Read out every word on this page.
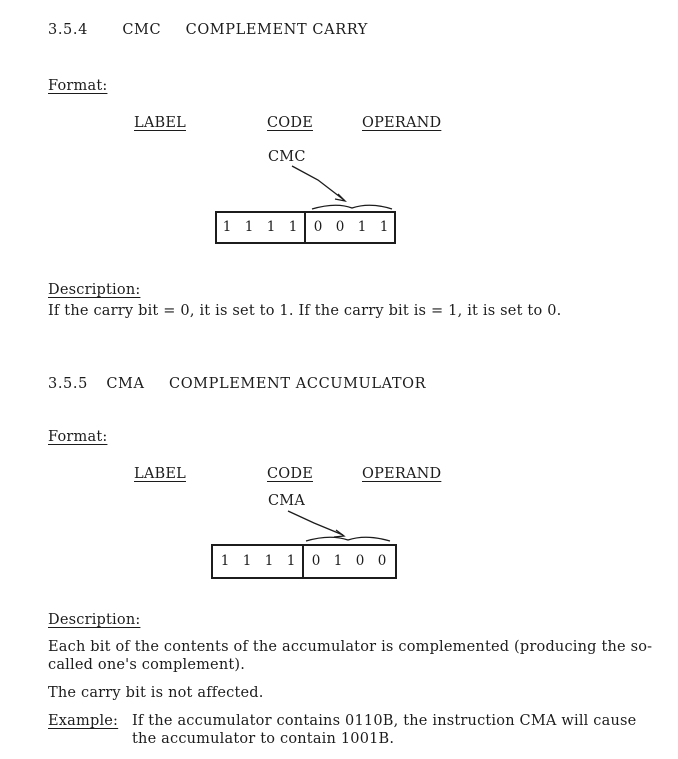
3.5.4 CMC COMPLEMENT CARRY
Format:
LABEL	CODE	OPERAND
CMC
1 1 1 1	0 0 1 1
Description:
If the carry bit = 0, it is set to 1. If the carry bit is = 1, it is set to 0.
3.5.5 CMA COMPLEMENT ACCUMULATOR
Format:
LABEL	CODE	OPERAND
CMA
1 1 1 1	0 1 0 0
Description:
Each bit of the contents of the accumulator is complemented (producing the so-
called one's complement).
The carry bit is not affected.
Example: If the accumulator contains 0110B, the instruction CMA will cause
the accumulator to contain 1001B.
